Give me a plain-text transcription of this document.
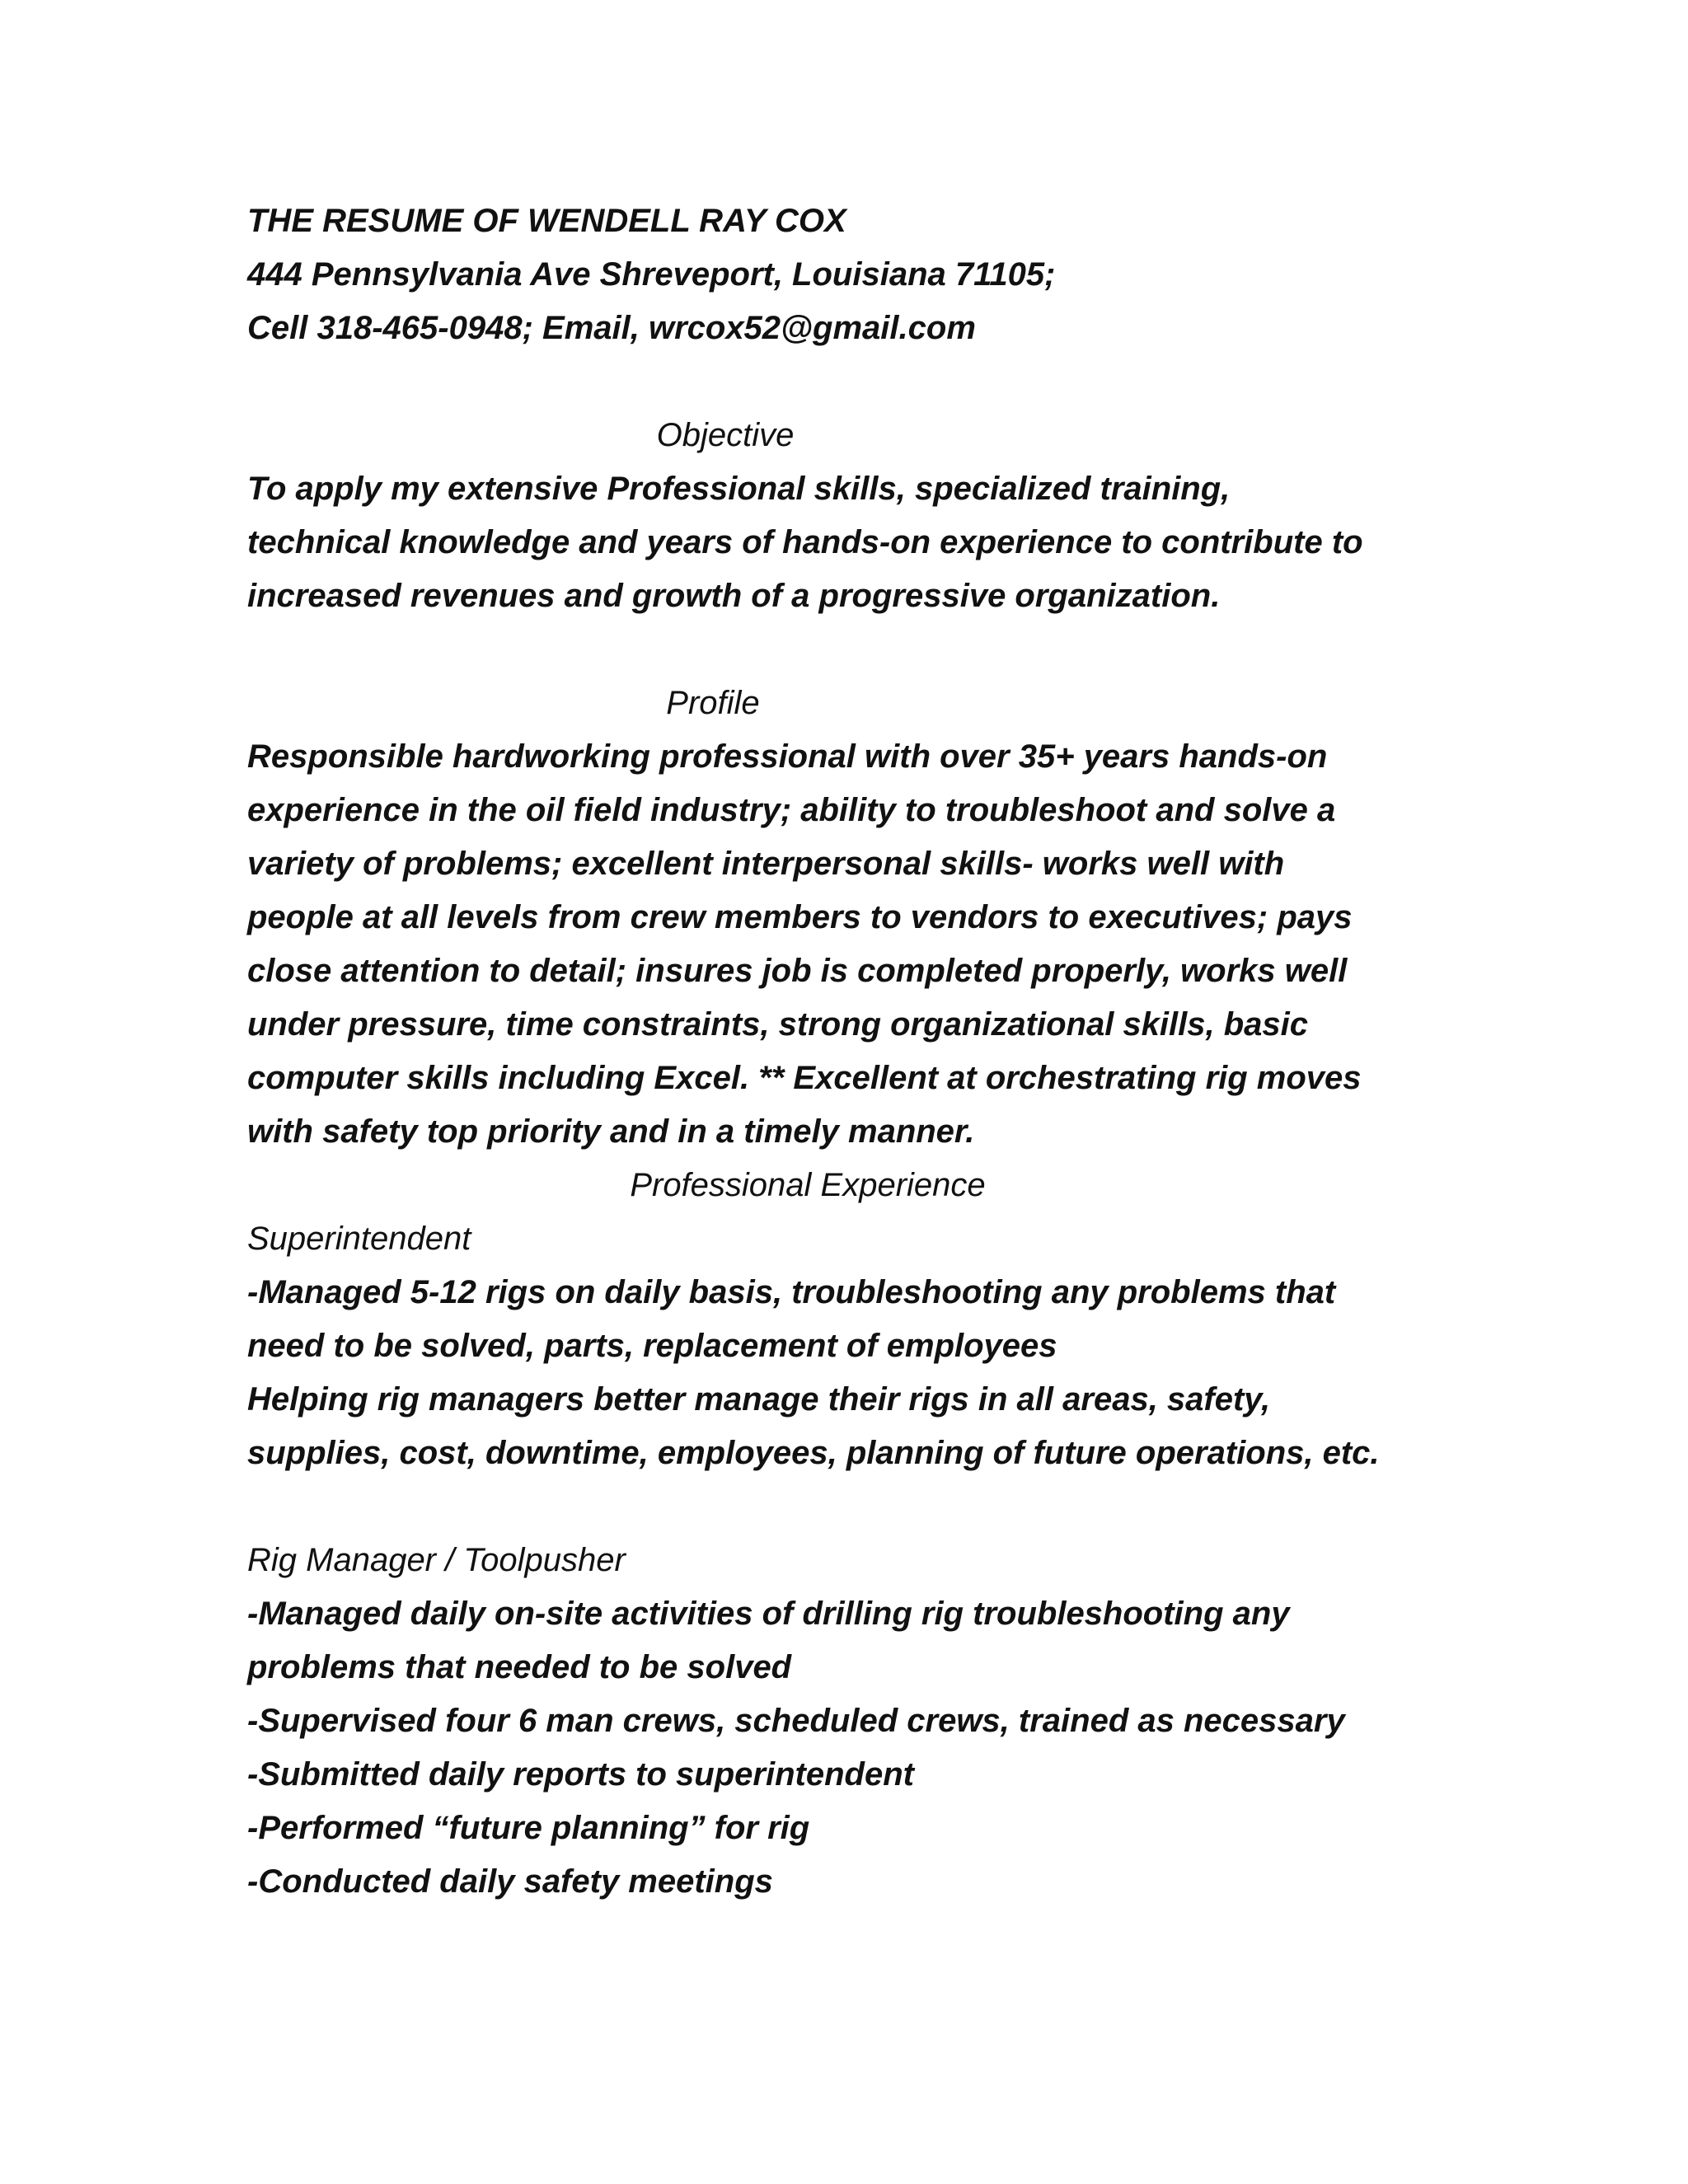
THE RESUME OF WENDELL RAY COX
444 Pennsylvania Ave Shreveport, Louisiana 71105;
Cell 318-465-0948; Email, wrcox52@gmail.com
Objective
To apply my extensive Professional skills, specialized training,
technical knowledge and years of hands-on experience to contribute to
increased revenues and growth of a progressive organization.
Profile
Responsible hardworking professional with over 35+ years hands-on
experience in the oil field industry; ability to troubleshoot and solve a
variety of problems; excellent interpersonal skills- works well with
people at all levels from crew members to vendors to executives; pays
close attention to detail; insures job is completed properly, works well
under pressure, time constraints, strong organizational skills, basic
computer skills including Excel. ** Excellent at orchestrating rig moves
with safety top priority and in a timely manner.
Professional Experience
Superintendent
-Managed 5-12 rigs on daily basis, troubleshooting any problems that
need to be solved, parts, replacement of employees
Helping rig managers better manage their rigs in all areas, safety,
supplies, cost, downtime, employees, planning of future operations, etc.
Rig Manager / Toolpusher
-Managed daily on-site activities of drilling rig troubleshooting any
problems that needed to be solved
-Supervised four 6 man crews, scheduled crews, trained as necessary
-Submitted daily reports to superintendent
-Performed “future planning” for rig
-Conducted daily safety meetings
